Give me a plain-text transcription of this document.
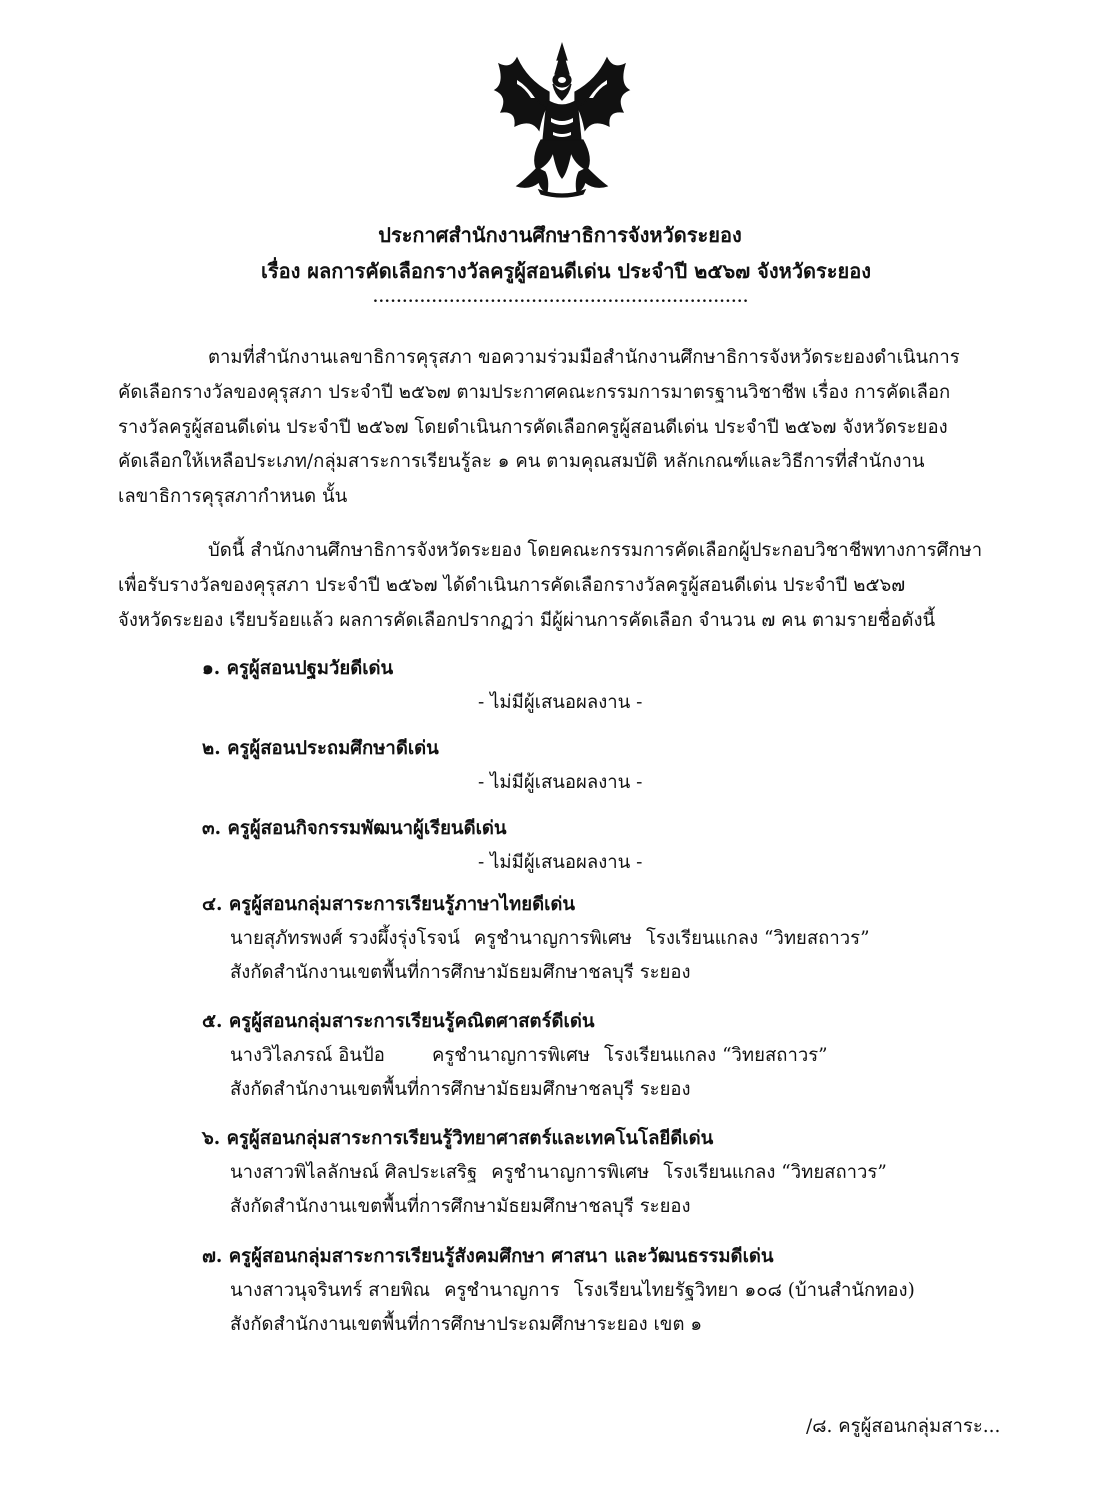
ประกาศสำนักงานศึกษาธิการจังหวัดระยอง
เรื่อง ผลการคัดเลือกรางวัลครูผู้สอนดีเด่น ประจำปี ๒๕๖๗ จังหวัดระยอง
................................................................
ตามที่สำนักงานเลขาธิการคุรุสภา ขอความร่วมมือสำนักงานศึกษาธิการจังหวัดระยองดำเนินการ
คัดเลือกรางวัลของคุรุสภา ประจำปี ๒๕๖๗ ตามประกาศคณะกรรมการมาตรฐานวิชาชีพ เรื่อง การคัดเลือก
รางวัลครูผู้สอนดีเด่น ประจำปี ๒๕๖๗ โดยดำเนินการคัดเลือกครูผู้สอนดีเด่น ประจำปี ๒๕๖๗ จังหวัดระยอง
คัดเลือกให้เหลือประเภท/กลุ่มสาระการเรียนรู้ละ ๑ คน ตามคุณสมบัติ หลักเกณฑ์และวิธีการที่สำนักงาน
เลขาธิการคุรุสภากำหนด นั้น
บัดนี้ สำนักงานศึกษาธิการจังหวัดระยอง โดยคณะกรรมการคัดเลือกผู้ประกอบวิชาชีพทางการศึกษา
เพื่อรับรางวัลของคุรุสภา ประจำปี ๒๕๖๗ ได้ดำเนินการคัดเลือกรางวัลครูผู้สอนดีเด่น ประจำปี ๒๕๖๗
จังหวัดระยอง เรียบร้อยแล้ว ผลการคัดเลือกปรากฏว่า มีผู้ผ่านการคัดเลือก จำนวน ๗ คน ตามรายชื่อดังนี้
๑. ครูผู้สอนปฐมวัยดีเด่น
- ไม่มีผู้เสนอผลงาน -
๒. ครูผู้สอนประถมศึกษาดีเด่น
- ไม่มีผู้เสนอผลงาน -
๓. ครูผู้สอนกิจกรรมพัฒนาผู้เรียนดีเด่น
- ไม่มีผู้เสนอผลงาน -
๔. ครูผู้สอนกลุ่มสาระการเรียนรู้ภาษาไทยดีเด่น
นายสุภัทรพงศ์ รวงผึ้งรุ่งโรจน์ ครูชำนาญการพิเศษ โรงเรียนแกลง “วิทยสถาวร”
สังกัดสำนักงานเขตพื้นที่การศึกษามัธยมศึกษาชลบุรี ระยอง
๕. ครูผู้สอนกลุ่มสาระการเรียนรู้คณิตศาสตร์ดีเด่น
นางวิไลภรณ์ อินป้อ	ครูชำนาญการพิเศษ โรงเรียนแกลง “วิทยสถาวร”
สังกัดสำนักงานเขตพื้นที่การศึกษามัธยมศึกษาชลบุรี ระยอง
๖. ครูผู้สอนกลุ่มสาระการเรียนรู้วิทยาศาสตร์และเทคโนโลยีดีเด่น
นางสาวพิไลลักษณ์ ศิลประเสริฐ ครูชำนาญการพิเศษ โรงเรียนแกลง “วิทยสถาวร”
สังกัดสำนักงานเขตพื้นที่การศึกษามัธยมศึกษาชลบุรี ระยอง
๗. ครูผู้สอนกลุ่มสาระการเรียนรู้สังคมศึกษา ศาสนา และวัฒนธรรมดีเด่น
นางสาวนุจรินทร์ สายพิณ ครูชำนาญการ โรงเรียนไทยรัฐวิทยา ๑๐๘ (บ้านสำนักทอง)
สังกัดสำนักงานเขตพื้นที่การศึกษาประถมศึกษาระยอง เขต ๑
/๘. ครูผู้สอนกลุ่มสาระ...
